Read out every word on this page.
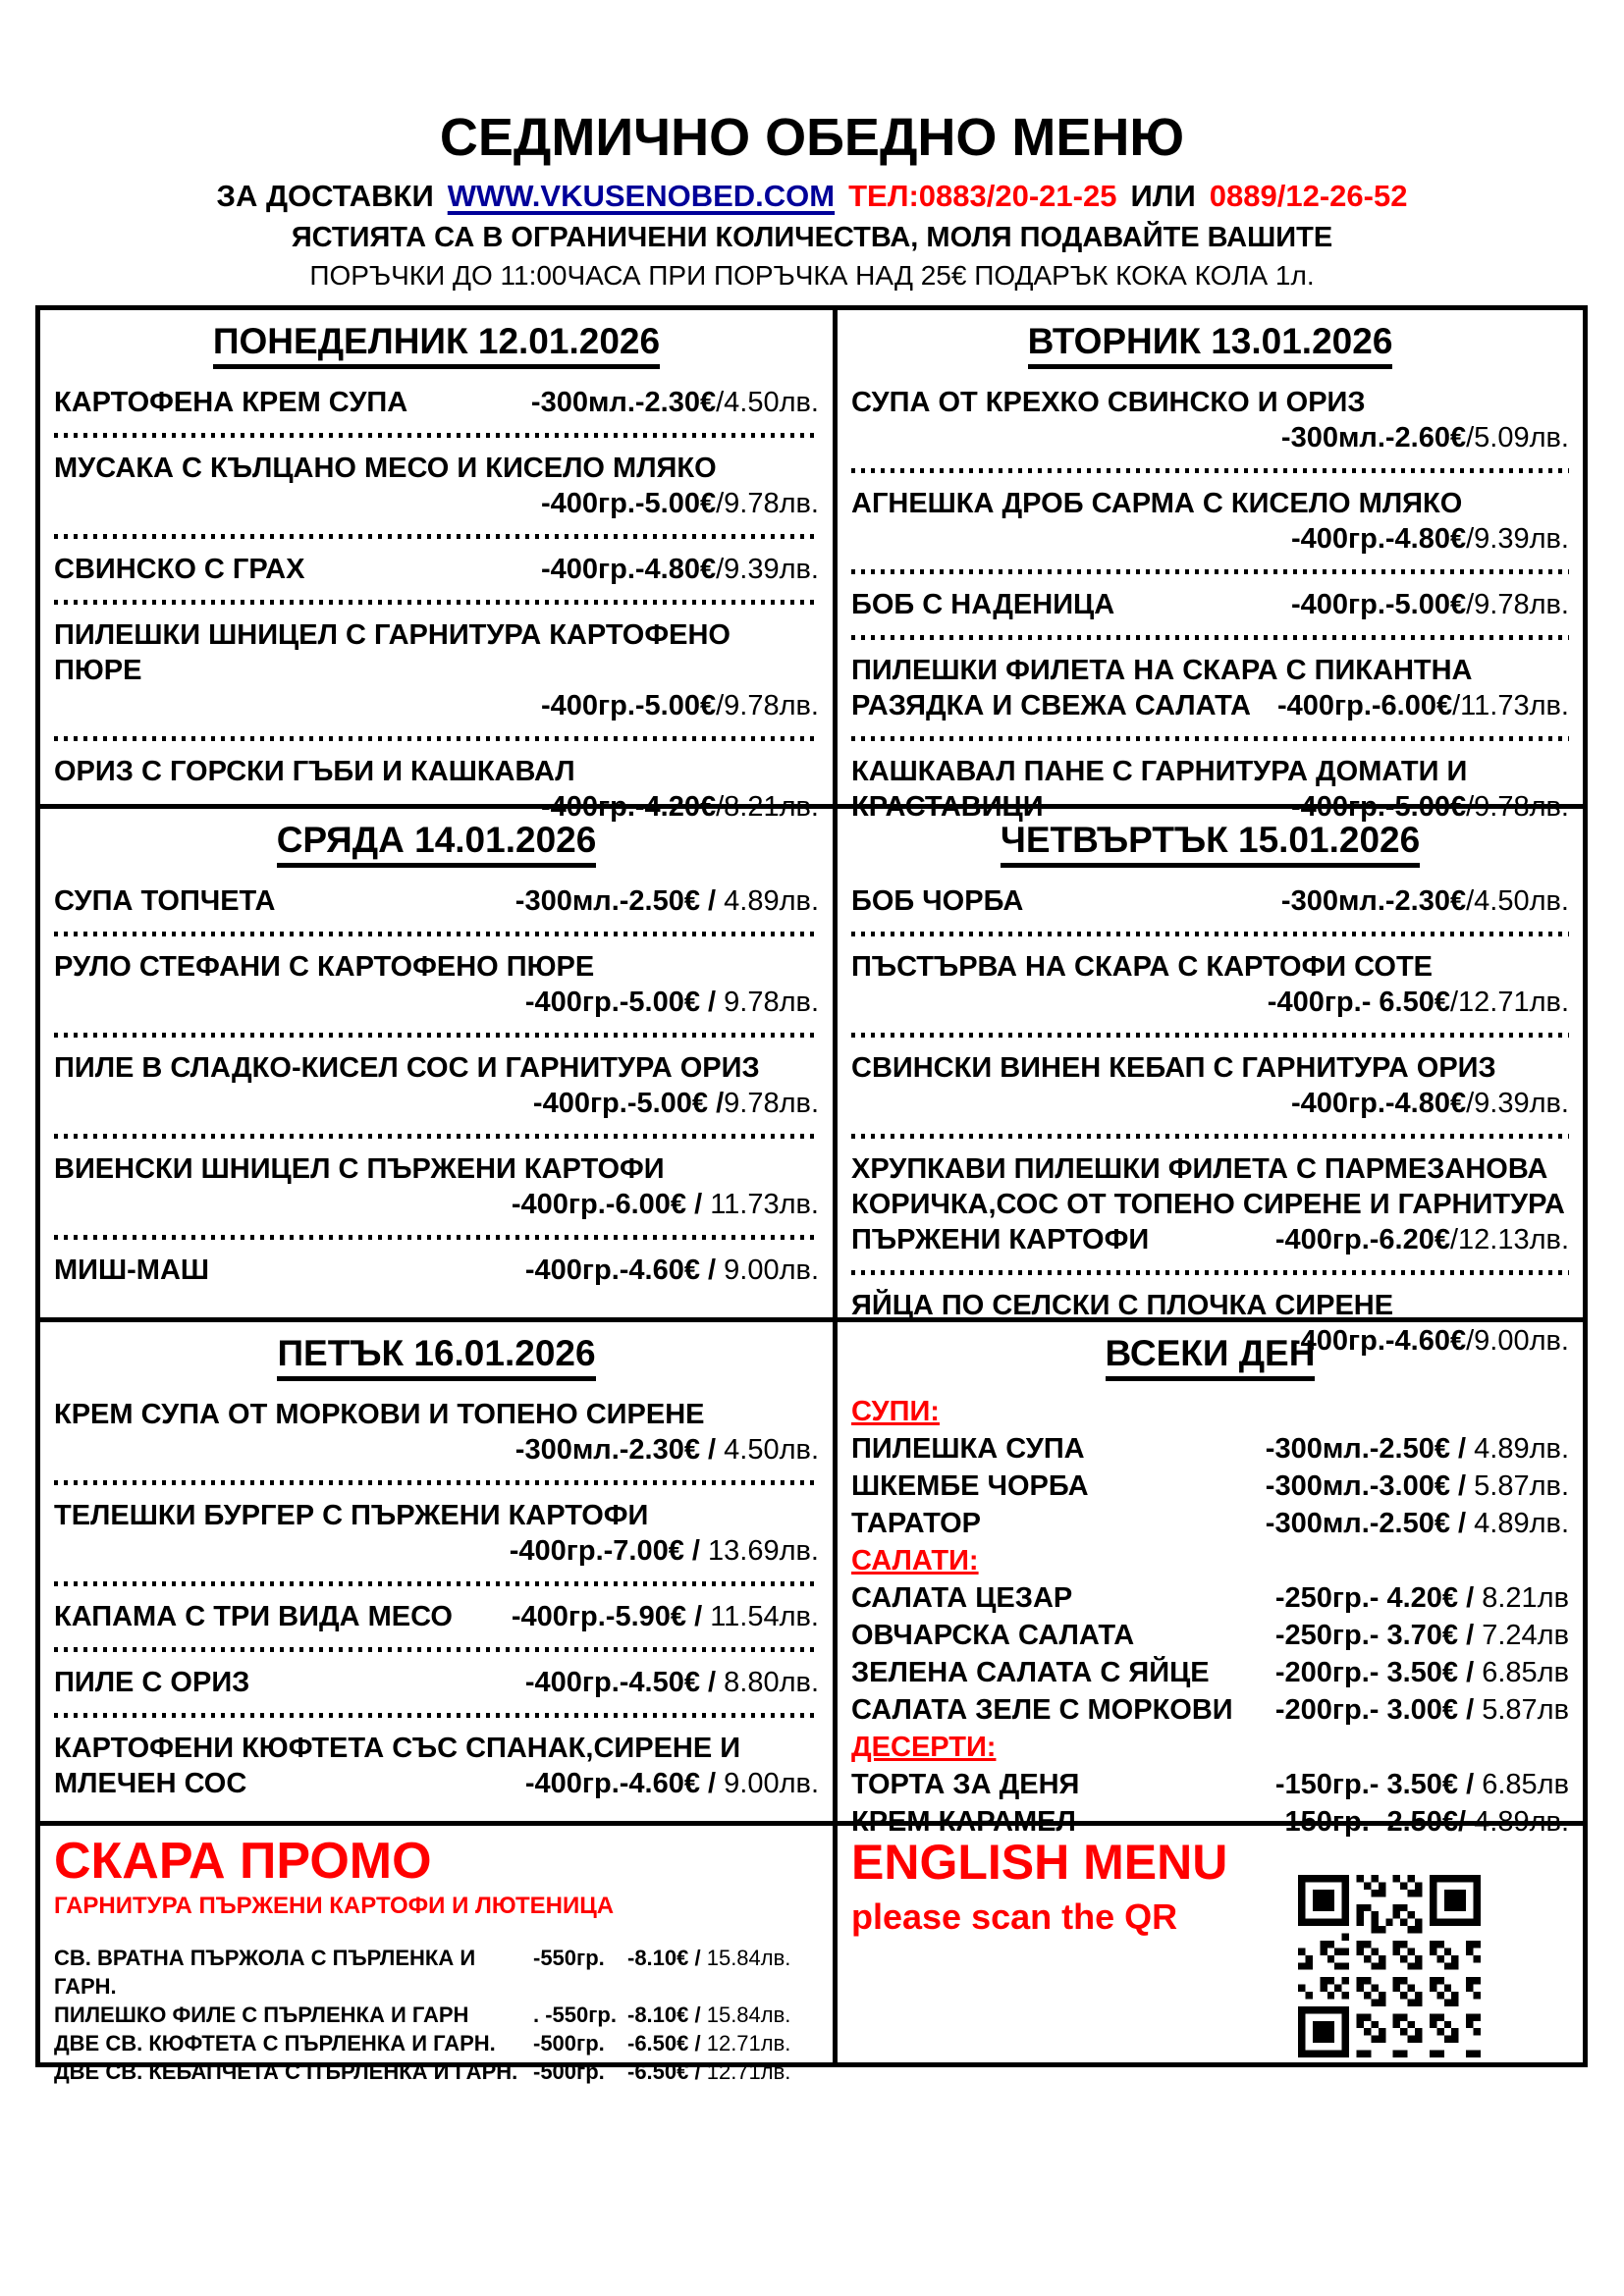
СЕДМИЧНО ОБЕДНО МЕНЮ
ЗА ДОСТАВКИ WWW.VKUSENOBED.COM ТЕЛ:0883/20-21-25 ИЛИ 0889/12-26-52
ЯСТИЯТА СА В ОГРАНИЧЕНИ КОЛИЧЕСТВА, МОЛЯ ПОДАВАЙТЕ ВАШИТЕ
ПОРЪЧКИ ДО 11:00ЧАСА ПРИ ПОРЪЧКА НАД 25€ ПОДАРЪК КОКА КОЛА 1л.
ПОНЕДЕЛНИК 12.01.2026
КАРТОФЕНА КРЕМ СУПА	-300мл.-2.30€/4.50лв.
МУСАКА С КЪЛЦАНО МЕСО И КИСЕЛО МЛЯКО
-400гр.-5.00€/9.78лв.
СВИНСКО С ГРАХ	-400гр.-4.80€/9.39лв.
ПИЛЕШКИ ШНИЦЕЛ С ГАРНИТУРА КАРТОФЕНО ПЮРЕ
-400гр.-5.00€/9.78лв.
ОРИЗ С ГОРСКИ ГЪБИ И КАШКАВАЛ
-400гр.-4.20€/8.21лв.
ВТОРНИК 13.01.2026
СУПА ОТ КРЕХКО СВИНСКО И ОРИЗ
-300мл.-2.60€/5.09лв.
АГНЕШКА ДРОБ САРМА С КИСЕЛО МЛЯКО
-400гр.-4.80€/9.39лв.
БОБ С НАДЕНИЦА	-400гр.-5.00€/9.78лв.
ПИЛЕШКИ ФИЛЕТА НА СКАРА С ПИКАНТНА
РАЗЯДКА И СВЕЖА САЛАТА -400гр.-6.00€/11.73лв.
КАШКАВАЛ ПАНЕ С ГАРНИТУРА ДОМАТИ И
КРАСТАВИЦИ	-400гр.-5.00€/9.78лв.
СРЯДА 14.01.2026
СУПА ТОПЧЕТА	-300мл.-2.50€ / 4.89лв.
РУЛО СТЕФАНИ С КАРТОФЕНО ПЮРЕ
-400гр.-5.00€ / 9.78лв.
ПИЛЕ В СЛАДКО-КИСЕЛ СОС И ГАРНИТУРА ОРИЗ
-400гр.-5.00€ /9.78лв.
ВИЕНСКИ ШНИЦЕЛ С ПЪРЖЕНИ КАРТОФИ
-400гр.-6.00€ / 11.73лв.
МИШ-МАШ	-400гр.-4.60€ / 9.00лв.
ЧЕТВЪРТЪК 15.01.2026
БОБ ЧОРБА	-300мл.-2.30€/4.50лв.
ПЪСТЪРВА НА СКАРА С КАРТОФИ СОТЕ
-400гр.- 6.50€/12.71лв.
СВИНСКИ ВИНЕН КЕБАП С ГАРНИТУРА ОРИЗ
-400гр.-4.80€/9.39лв.
ХРУПКАВИ ПИЛЕШКИ ФИЛЕТА С ПАРМЕЗАНОВА
КОРИЧКА,СОС ОТ ТОПЕНО СИРЕНЕ И ГАРНИТУРА
ПЪРЖЕНИ КАРТОФИ	-400гр.-6.20€/12.13лв.
ЯЙЦА ПО СЕЛСКИ С ПЛОЧКА СИРЕНЕ
-400гр.-4.60€/9.00лв.
ПЕТЪК 16.01.2026
КРЕМ СУПА ОТ МОРКОВИ И ТОПЕНО СИРЕНЕ
-300мл.-2.30€ / 4.50лв.
ТЕЛЕШКИ БУРГЕР С ПЪРЖЕНИ КАРТОФИ
-400гр.-7.00€ / 13.69лв.
КАПАМА С ТРИ ВИДА МЕСО -400гр.-5.90€ / 11.54лв.
ПИЛЕ С ОРИЗ	-400гр.-4.50€ / 8.80лв.
КАРТОФЕНИ КЮФТЕТА СЪС СПАНАК,СИРЕНЕ И
МЛЕЧЕН СОС	-400гр.-4.60€ / 9.00лв.
ВСЕКИ ДЕН
СУПИ:
ПИЛЕШКА СУПА	-300мл.-2.50€ / 4.89лв.
ШКЕМБЕ ЧОРБА	-300мл.-3.00€ / 5.87лв.
ТАРАТОР	-300мл.-2.50€ / 4.89лв.
САЛАТИ:
САЛАТА ЦЕЗАР	-250гр.- 4.20€ / 8.21лв
ОВЧАРСКА САЛАТА	-250гр.- 3.70€ / 7.24лв
ЗЕЛЕНА САЛАТА С ЯЙЦЕ -200гр.- 3.50€ / 6.85лв
САЛАТА ЗЕЛЕ С МОРКОВИ -200гр.- 3.00€ / 5.87лв
ДЕСЕРТИ:
ТОРТА ЗА ДЕНЯ	-150гр.- 3.50€ / 6.85лв
КРЕМ КАРАМЕЛ	-150гр.- 2.50€/ 4.89лв.
СКАРА ПРОМО
ГАРНИТУРА ПЪРЖЕНИ КАРТОФИ И ЛЮТЕНИЦА
СВ. ВРАТНА ПЪРЖОЛА С ПЪРЛЕНКА И ГАРН.
-550гр.	-8.10€ / 15.84лв.
ПИЛЕШКО ФИЛЕ С ПЪРЛЕНКА И ГАРН	. -550гр. -8.10€ / 15.84лв.
ДВЕ СВ. КЮФТЕТА С ПЪРЛЕНКА И ГАРН.	-500гр.	-6.50€ / 12.71лв.
ДВЕ СВ. КЕБАПЧЕТА С ПЪРЛЕНКА И ГАРН. -500гр.	-6.50€ / 12.71лв.
ENGLISH MENU
please scan the QR
